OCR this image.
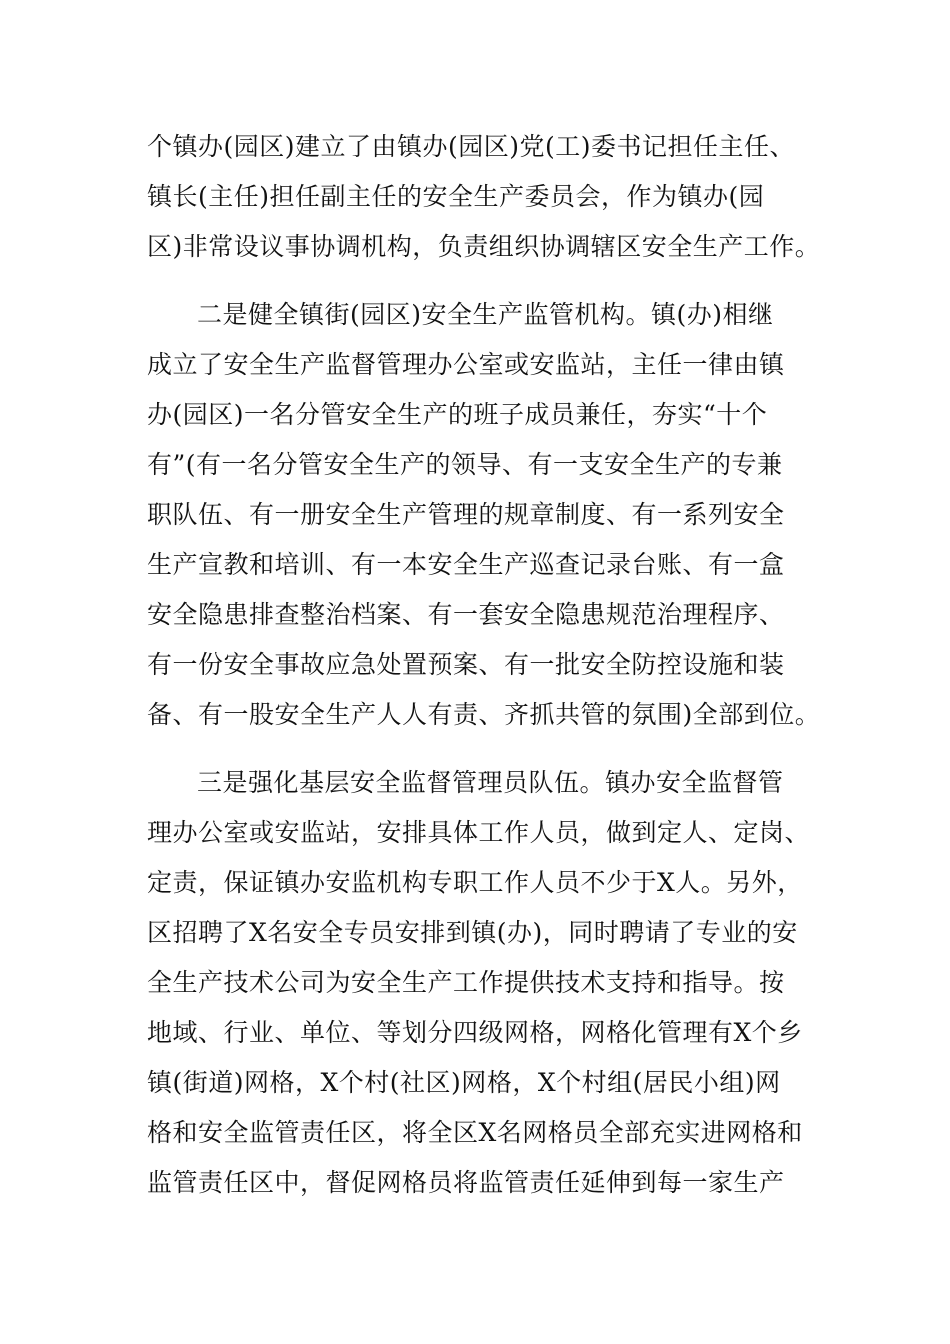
个镇办(园区)建立了由镇办(园区)党(工)委书记担任主任、
镇长(主任)担任副主任的安全生产委员会，作为镇办(园
区)非常设议事协调机构，负责组织协调辖区安全生产工作。
二是健全镇街(园区)安全生产监管机构。镇(办)相继
成立了安全生产监督管理办公室或安监站，主任一律由镇
办(园区)一名分管安全生产的班子成员兼任，夯实“十个
有”(有一名分管安全生产的领导、有一支安全生产的专兼
职队伍、有一册安全生产管理的规章制度、有一系列安全
生产宣教和培训、有一本安全生产巡查记录台账、有一盒
安全隐患排查整治档案、有一套安全隐患规范治理程序、
有一份安全事故应急处置预案、有一批安全防控设施和装
备、有一股安全生产人人有责、齐抓共管的氛围)全部到位。
三是强化基层安全监督管理员队伍。镇办安全监督管
理办公室或安监站，安排具体工作人员，做到定人、定岗、
定责，保证镇办安监机构专职工作人员不少于X人。另外，
区招聘了X名安全专员安排到镇(办)，同时聘请了专业的安
全生产技术公司为安全生产工作提供技术支持和指导。按
地域、行业、单位、等划分四级网格，网格化管理有X个乡
镇(街道)网格，X个村(社区)网格，X个村组(居民小组)网
格和安全监管责任区，将全区X名网格员全部充实进网格和
监管责任区中，督促网格员将监管责任延伸到每一家生产
